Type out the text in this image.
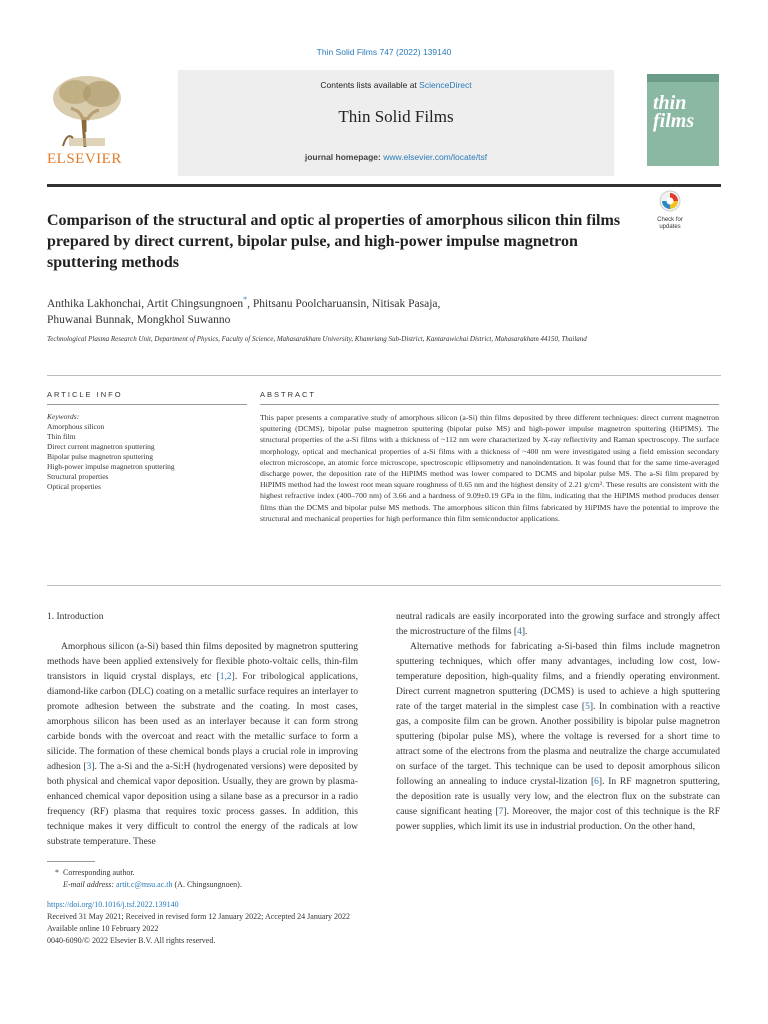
Thin Solid Films 747 (2022) 139140
ELSEVIER
Contents lists available at ScienceDirect
Thin Solid Films
journal homepage: www.elsevier.com/locate/tsf
thin films
Comparison of the structural and optic al properties of amorphous silicon thin films prepared by direct current, bipolar pulse, and high-power impulse magnetron sputtering methods
Check for
updates
Anthika Lakhonchai, Artit Chingsungnoen*, Phitsanu Poolcharuansin, Nitisak Pasaja,
Phuwanai Bunnak, Mongkhol Suwanno
Technological Plasma Research Unit, Department of Physics, Faculty of Science, Mahasarakham University, Khamriang Sub-District, Kantarawichai District, Mahasarakham 44150, Thailand
ARTICLE INFO	ABSTRACT
Keywords:
Amorphous silicon
Thin film
Direct current magnetron sputtering
Bipolar pulse magnetron sputtering
High-power impulse magnetron sputtering
Structural properties
Optical properties
This paper presents a comparative study of amorphous silicon (a-Si) thin films deposited by three different techniques: direct current magnetron sputtering (DCMS), bipolar pulse magnetron sputtering (bipolar pulse MS) and high-power impulse magnetron sputtering (HiPIMS). The structural properties of the a-Si films with a thickness of ~112 nm were characterized by X-ray reflectivity and Raman spectroscopy. The surface morphology, optical and mechanical properties of a-Si films with a thickness of ~400 nm were investigated using a field emission secondary electron microscope, an atomic force microscope, spectroscopic ellipsometry and nanoindentation. It was found that for the same time-averaged discharge power, the deposition rate of the HiPIMS method was lower compared to DCMS and bipolar pulse MS. The a-Si film prepared by HiPIMS method had the lowest root mean square roughness of 0.65 nm and the highest density of 2.21 g/cm³. These results are consistent with the highest refractive index (400–700 nm) of 3.66 and a hardness of 9.09±0.19 GPa in the film, indicating that the HiPIMS method produces denser films than the DCMS and bipolar pulse MS methods. The amorphous silicon thin films fabricated by HiPIMS have the potential to improve the structural and mechanical properties for high performance thin film semiconductor applications.

1. Introduction

Amorphous silicon (a-Si) based thin films deposited by magnetron sputtering methods have been applied extensively for flexible photo-voltaic cells, thin-film transistors in liquid crystal displays, etc [1,2]. For tribological applications, diamond-like carbon (DLC) coating on a metallic surface requires an interlayer to promote adhesion between the substrate and the coating. In most cases, amorphous silicon has been used as an interlayer because it can form strong carbide bonds with the overcoat and react with the metallic surface to form a silicide. The formation of these chemical bonds plays a crucial role in improving adhesion [3]. The a-Si and the a-Si:H (hydrogenated versions) were deposited by both physical and chemical vapor deposition. Usually, they are grown by plasma-enhanced chemical vapor deposition using a silane base as a precursor in a radio frequency (RF) plasma that requires toxic process gasses. In addition, this technique makes it very difficult to control the energy of the radicals at low substrate temperature. These

neutral radicals are easily incorporated into the growing surface and strongly affect the microstructure of the films [4].

Alternative methods for fabricating a-Si-based thin films include magnetron sputtering techniques, which offer many advantages, including low cost, low-temperature deposition, high-quality films, and a friendly operating environment. Direct current magnetron sputtering (DCMS) is used to achieve a high sputtering rate of the target material in the simplest case [5]. In combination with a reactive gas, a composite film can be grown. Another possibility is bipolar pulse magnetron sputtering (bipolar pulse MS), where the voltage is reversed for a short time to attract some of the electrons from the plasma and neutralize the charge accumulated on surface of the target. This technique can be used to deposit amorphous silicon following an annealing to induce crystal-lization [6]. In RF magnetron sputtering, the deposition rate is usually very low, and the electron flux on the substrate can cause significant heating [7]. Moreover, the major cost of this technique is the RF power supplies, which limit its use in industrial production. On the other hand,

* Corresponding author.
E-mail address: artit.c@msu.ac.th (A. Chingsungnoen).
https://doi.org/10.1016/j.tsf.2022.139140
Received 31 May 2021; Received in revised form 12 January 2022; Accepted 24 January 2022
Available online 10 February 2022
0040-6090/© 2022 Elsevier B.V. All rights reserved.
